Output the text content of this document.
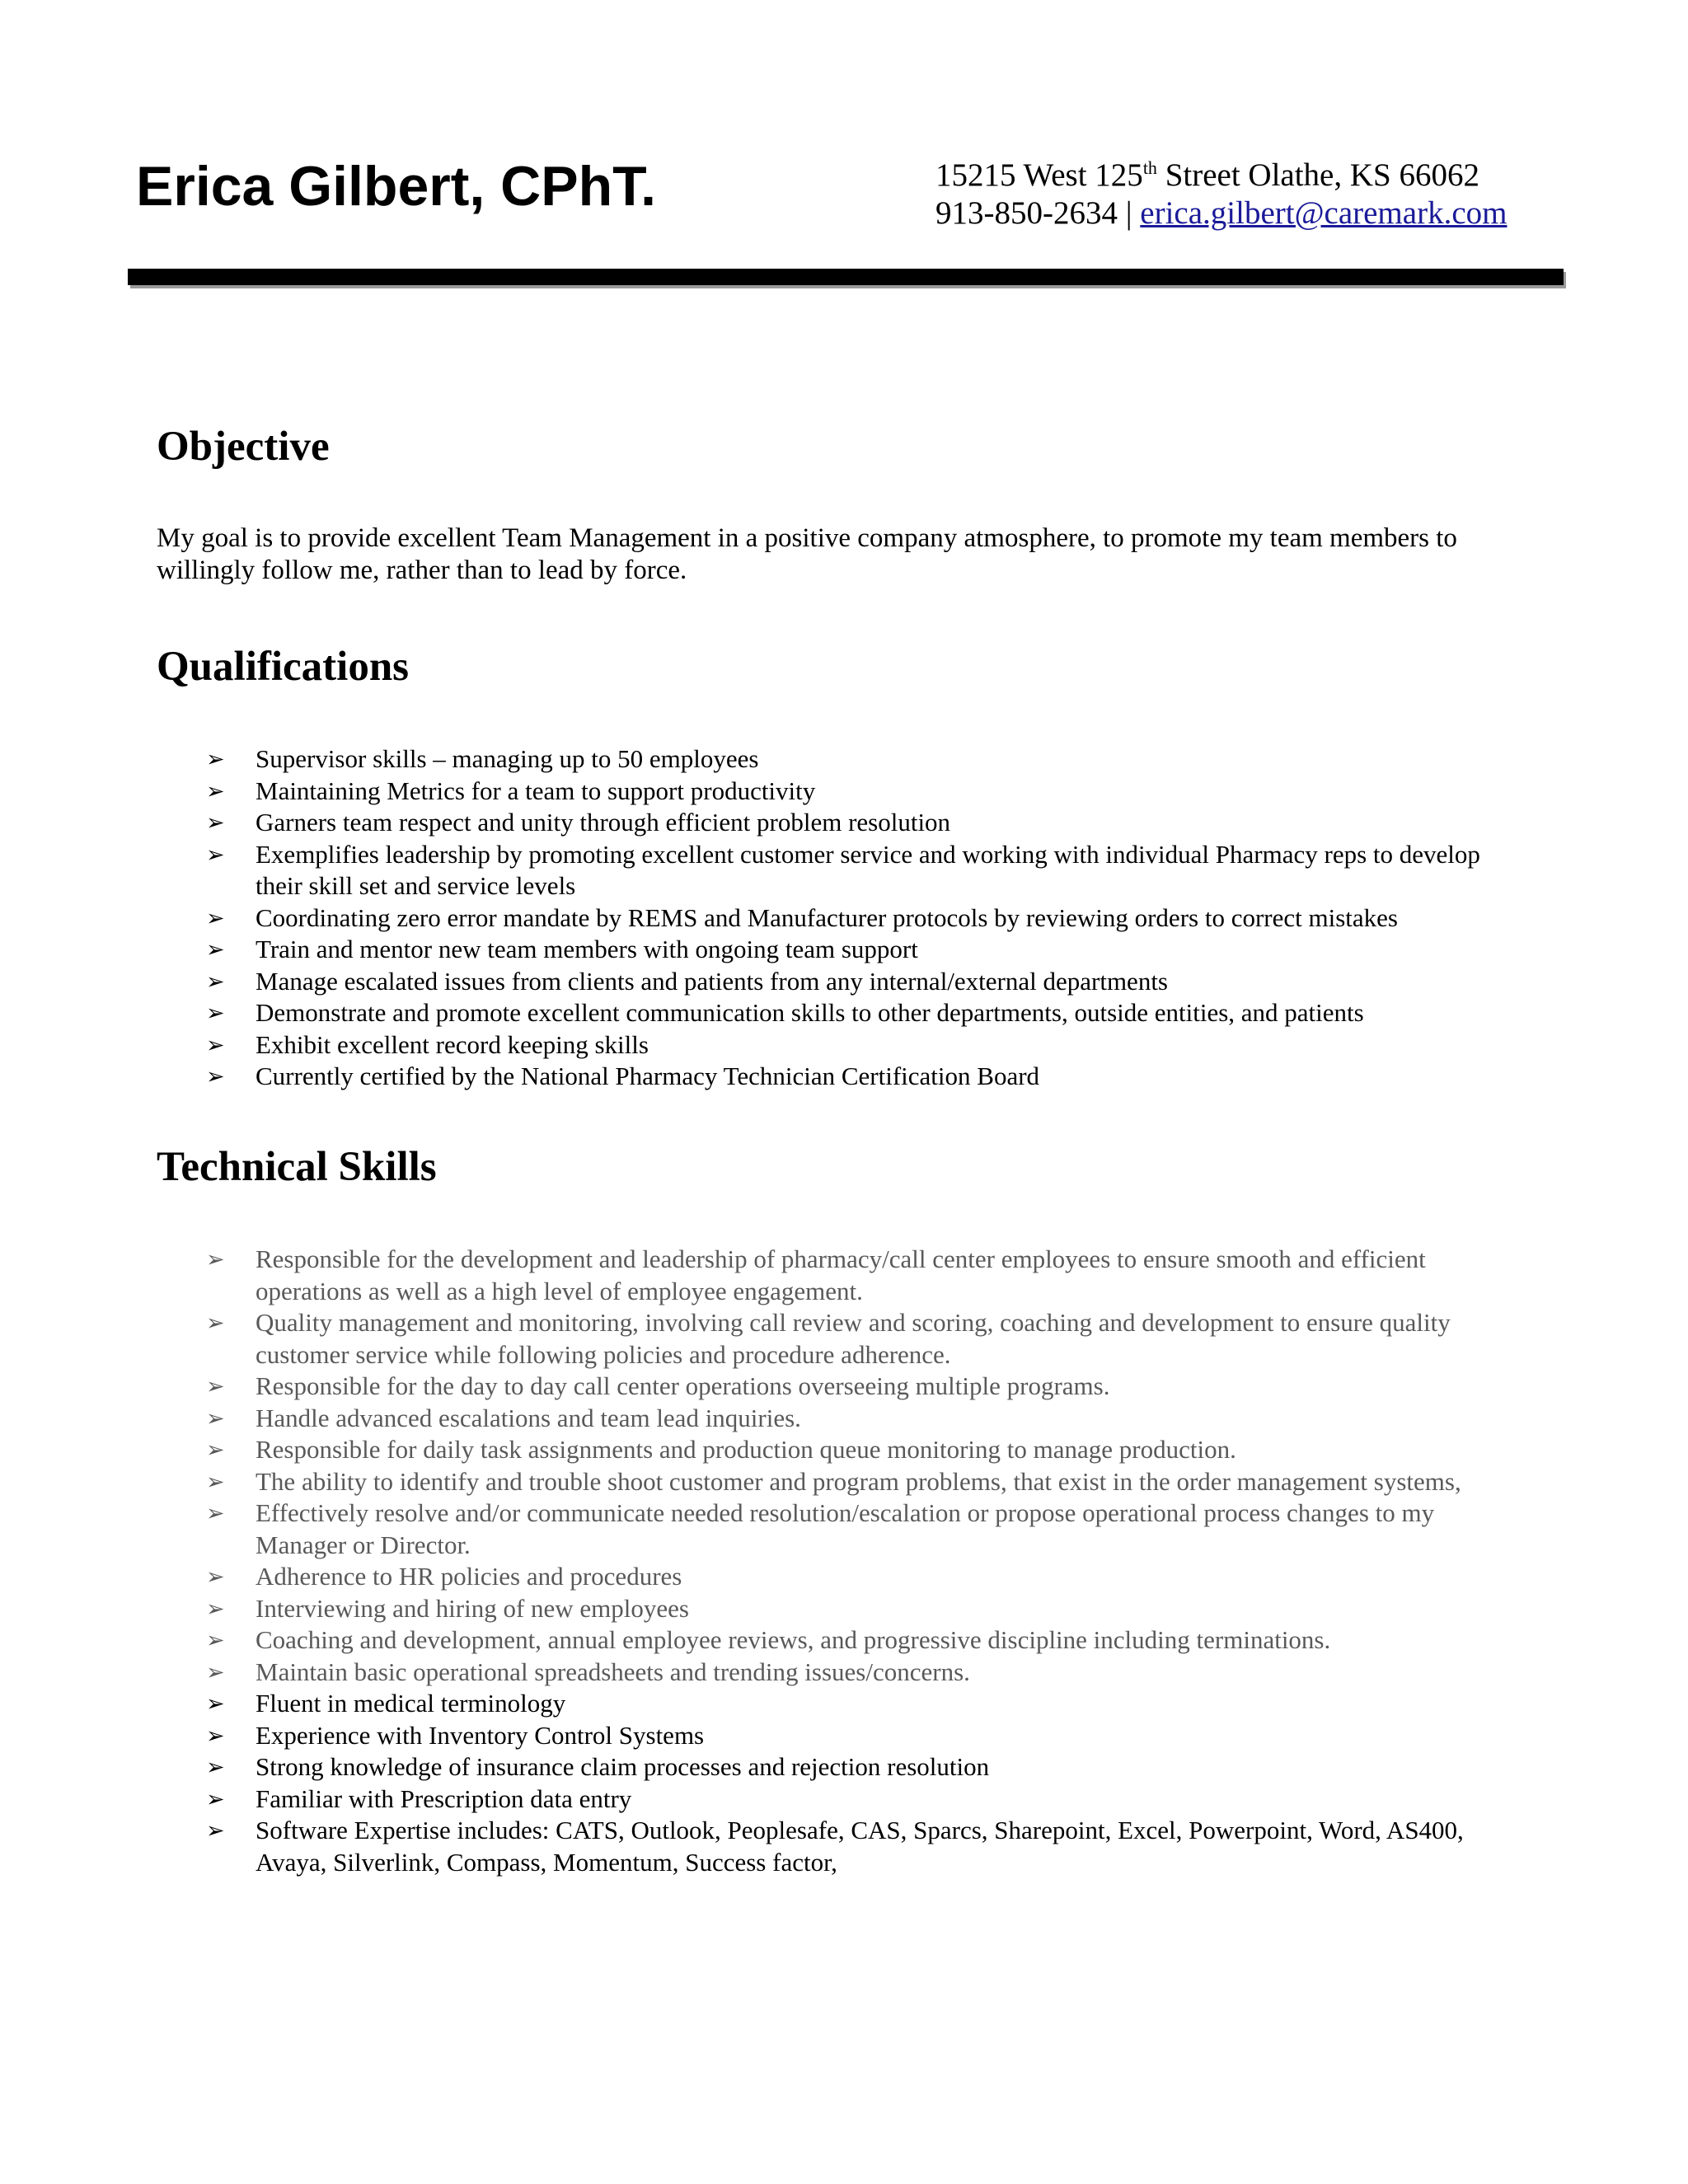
Erica Gilbert, CPhT.	15215 West 125th Street Olathe, KS 66062
913-850-2634 | erica.gilbert@caremark.com
Objective

My goal is to provide excellent Team Management in a positive company atmosphere, to promote my team members to willingly follow me, rather than to lead by force.

Qualifications
➢ Supervisor skills – managing up to 50 employees
➢ Maintaining Metrics for a team to support productivity
➢ Garners team respect and unity through efficient problem resolution
➢ Exemplifies leadership by promoting excellent customer service and working with individual Pharmacy reps to develop their skill set and service levels
➢ Coordinating zero error mandate by REMS and Manufacturer protocols by reviewing orders to correct mistakes
➢ Train and mentor new team members with ongoing team support
➢ Manage escalated issues from clients and patients from any internal/external departments
➢ Demonstrate and promote excellent communication skills to other departments, outside entities, and patients
➢ Exhibit excellent record keeping skills
➢ Currently certified by the National Pharmacy Technician Certification Board
Technical Skills
➢ Responsible for the development and leadership of pharmacy/call center employees to ensure smooth and efficient operations as well as a high level of employee engagement.
➢ Quality management and monitoring, involving call review and scoring, coaching and development to ensure quality customer service while following policies and procedure adherence.
➢ Responsible for the day to day call center operations overseeing multiple programs.
➢ Handle advanced escalations and team lead inquiries.
➢ Responsible for daily task assignments and production queue monitoring to manage production.
➢ The ability to identify and trouble shoot customer and program problems, that exist in the order management systems,
➢ Effectively resolve and/or communicate needed resolution/escalation or propose operational process changes to my Manager or Director.
➢ Adherence to HR policies and procedures
➢ Interviewing and hiring of new employees
➢ Coaching and development, annual employee reviews, and progressive discipline including terminations.
➢ Maintain basic operational spreadsheets and trending issues/concerns.
➢ Fluent in medical terminology
➢ Experience with Inventory Control Systems
➢ Strong knowledge of insurance claim processes and rejection resolution
➢ Familiar with Prescription data entry
➢ Software Expertise includes: CATS, Outlook, Peoplesafe, CAS, Sparcs, Sharepoint, Excel, Powerpoint, Word, AS400, Avaya, Silverlink, Compass, Momentum, Success factor,
